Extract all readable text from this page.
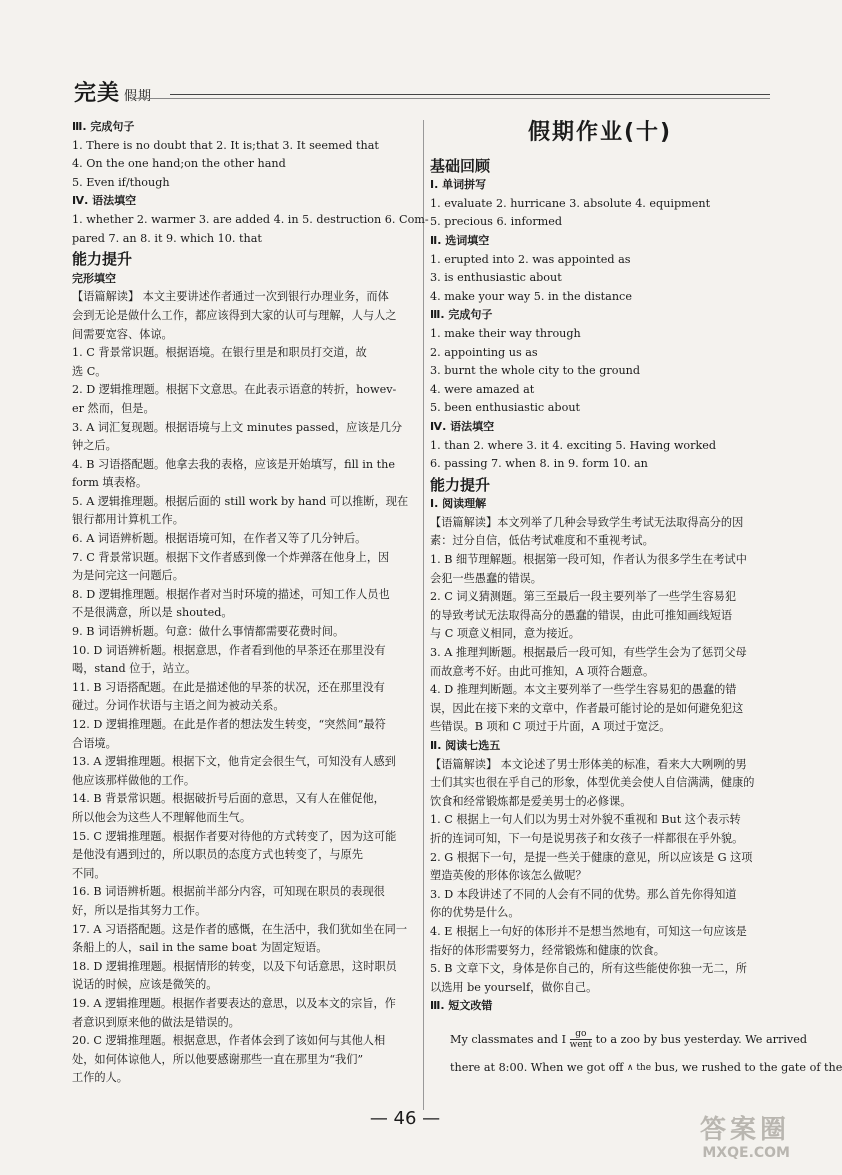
完美 假期
Ⅲ. 完成句子
1. There is no doubt that 2. It is;that 3. It seemed that
4. On the one hand;on the other hand
5. Even if/though
Ⅳ. 语法填空
1. whether 2. warmer 3. are added 4. in 5. destruction 6. Com-
pared 7. an 8. it 9. which 10. that
能力提升
完形填空
【语篇解读】 本文主要讲述作者通过一次到银行办理业务，而体
会到无论是做什么工作，都应该得到大家的认可与理解，人与人之
间需要宽容、体谅。
1. C 背景常识题。根据语境。在银行里是和职员打交道，故
选 C。
2. D 逻辑推理题。根据下文意思。在此表示语意的转折，howev-
er 然而，但是。
3. A 词汇复现题。根据语境与上文 minutes passed，应该是几分
钟之后。
4. B 习语搭配题。他拿去我的表格，应该是开始填写，fill in the
form 填表格。
5. A 逻辑推理题。根据后面的 still work by hand 可以推断，现在
银行都用计算机工作。
6. A 词语辨析题。根据语境可知，在作者又等了几分钟后。
7. C 背景常识题。根据下文作者感到像一个炸弹落在他身上，因
为是问完这一问题后。
8. D 逻辑推理题。根据作者对当时环境的描述，可知工作人员也
不是很满意，所以是 shouted。
9. B 词语辨析题。句意：做什么事情都需要花费时间。
10. D 词语辨析题。根据意思，作者看到他的早茶还在那里没有
喝，stand 位于，站立。
11. B 习语搭配题。在此是描述他的早茶的状况，还在那里没有
碰过。分词作状语与主语之间为被动关系。
12. D 逻辑推理题。在此是作者的想法发生转变，“突然间”最符
合语境。
13. A 逻辑推理题。根据下文，他肯定会很生气，可知没有人感到
他应该那样做他的工作。
14. B 背景常识题。根据破折号后面的意思，又有人在催促他，
所以他会为这些人不理解他而生气。
15. C 逻辑推理题。根据作者要对待他的方式转变了，因为这可能
是他没有遇到过的，所以职员的态度方式也转变了，与原先
不同。
16. B 词语辨析题。根据前半部分内容，可知现在职员的表现很
好，所以是指其努力工作。
17. A 习语搭配题。这是作者的感慨，在生活中，我们犹如坐在同一
条船上的人，sail in the same boat 为固定短语。
18. D 逻辑推理题。根据情形的转变，以及下句话意思，这时职员
说话的时候，应该是微笑的。
19. A 逻辑推理题。根据作者要表达的意思，以及本文的宗旨，作
者意识到原来他的做法是错误的。
20. C 逻辑推理题。根据意思，作者体会到了该如何与其他人相
处，如何体谅他人，所以他要感谢那些一直在那里为“我们”
工作的人。
假期作业(十)
基础回顾
Ⅰ. 单词拼写
1. evaluate 2. hurricane 3. absolute 4. equipment
5. precious 6. informed
Ⅱ. 选词填空
1. erupted into 2. was appointed as
3. is enthusiastic about
4. make your way 5. in the distance
Ⅲ. 完成句子
1. make their way through
2. appointing us as
3. burnt the whole city to the ground
4. were amazed at
5. been enthusiastic about
Ⅳ. 语法填空
1. than 2. where 3. it 4. exciting 5. Having worked
6. passing 7. when 8. in 9. form 10. an
能力提升
Ⅰ. 阅读理解
【语篇解读】本文列举了几种会导致学生考试无法取得高分的因
素：过分自信，低估考试难度和不重视考试。
1. B 细节理解题。根据第一段可知，作者认为很多学生在考试中
会犯一些愚蠢的错误。
2. C 词义猜测题。第三至最后一段主要列举了一些学生容易犯
的导致考试无法取得高分的愚蠢的错误，由此可推知画线短语
与 C 项意义相同，意为接近。
3. A 推理判断题。根据最后一段可知，有些学生会为了惩罚父母
而故意考不好。由此可推知，A 项符合题意。
4. D 推理判断题。本文主要列举了一些学生容易犯的愚蠢的错
误，因此在接下来的文章中，作者最可能讨论的是如何避免犯这
些错误。B 项和 C 项过于片面，A 项过于宽泛。
Ⅱ. 阅读七选五
【语篇解读】 本文论述了男士形体美的标准，看来大大咧咧的男
士们其实也很在乎自己的形象，体型优美会使人自信满满，健康的
饮食和经常锻炼都是爱美男士的必修课。
1. C 根据上一句人们以为男士对外貌不重视和 But 这个表示转
折的连词可知，下一句是说男孩子和女孩子一样都很在乎外貌。
2. G 根据下一句，是提一些关于健康的意见，所以应该是 G 这项
塑造英俊的形体你该怎么做呢？
3. D 本段讲述了不同的人会有不同的优势。那么首先你得知道
你的优势是什么。
4. E 根据上一句好的体形并不是想当然地有，可知这一句应该是
指好的体形需要努力，经常锻炼和健康的饮食。
5. B 文章下文，身体是你自己的，所有这些能使你独一无二，所
以选用 be yourself，做你自己。
Ⅲ. 短文改错
My classmates and I	go
went to a zoo by bus yesterday. We arrived
there at 8:00. When we got off ∧ the bus, we rushed to the gate of the
— 46 —	答案圈
MXQE.COM
